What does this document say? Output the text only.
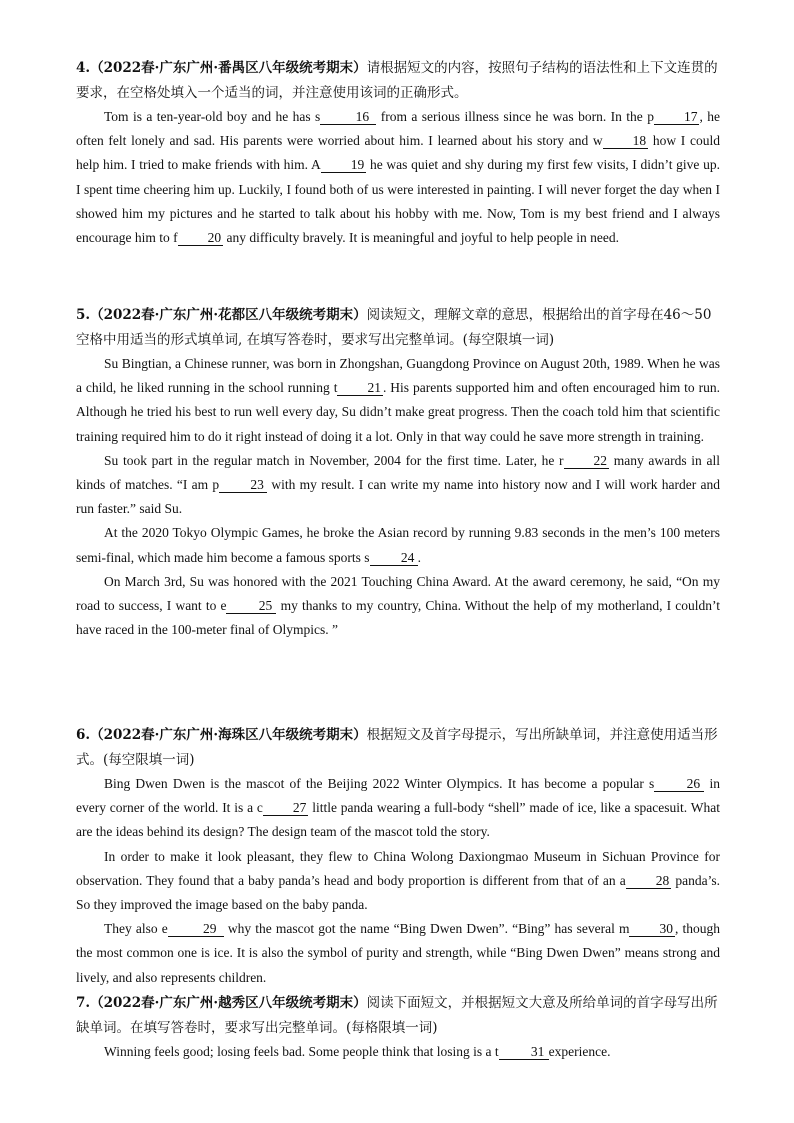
4.（2022春·广东广州·番禺区八年级统考期末）请根据短文的内容，按照句子结构的语法性和上下文连贯的要求，在空格处填入一个适当的词，并注意使用该词的正确形式。

Tom is a ten-year-old boy and he has s	16 from a serious illness since he was born. In the p 17 , he often felt lonely and sad. His parents were worried about him. I learned about his story and w 18 how I could help him. I tried to make friends with him. A 19 he was quiet and shy during my first few visits, I didn’t give up. I spent time cheering him up. Luckily, I found both of us were interested in painting. I will never forget the day when I showed him my pictures and he started to talk about his hobby with me. Now, Tom is my best friend and I always encourage him to f 20 any difficulty bravely. It is meaningful and joyful to help people in need.

5.（2022春·广东广州·花都区八年级统考期末）阅读短文，理解文章的意思，根据给出的首字母在46～50空格中用适当的形式填单词, 在填写答卷时，要求写出完整单词。(每空限填一词)

Su Bingtian, a Chinese runner, was born in Zhongshan, Guangdong Province on August 20th, 1989. When he was a child, he liked running in the school running t 21 . His parents supported him and often encouraged him to run. Although he tried his best to run well every day, Su didn’t make great progress. Then the coach told him that scientific training required him to do it right instead of doing it a lot. Only in that way could he save more strength in training.

Su took part in the regular match in November, 2004 for the first time. Later, he r 22 many awards in all kinds of matches. “I am p 23 with my result. I can write my name into history now and I will work harder and run faster.” said Su.

At the 2020 Tokyo Olympic Games, he broke the Asian record by running 9.83 seconds in the men’s 100 meters semi-final, which made him become a famous sports s 24 .

On March 3rd, Su was honored with the 2021 Touching China Award. At the award ceremony, he said, “On my road to success, I want to e 25 my thanks to my country, China. Without the help of my motherland, I couldn’t have raced in the 100-meter final of Olympics. ”

6.（2022春·广东广州·海珠区八年级统考期末）根据短文及首字母提示，写出所缺单词，并注意使用适当形式。(每空限填一词)

Bing Dwen Dwen is the mascot of the Beijing 2022 Winter Olympics. It has become a popular s 26 in every corner of the world. It is a c 27 little panda wearing a full-body “shell” made of ice, like a spacesuit. What are the ideas behind its design? The design team of the mascot told the story.

In order to make it look pleasant, they flew to China Wolong Daxiongmao Museum in Sichuan Province for observation. They found that a baby panda’s head and body proportion is different from that of an a 28 panda’s. So they improved the image based on the baby panda.

They also e	29 why the mascot got the name “Bing Dwen Dwen”. “Bing” has several m 30 , though the most common one is ice. It is also the symbol of purity and strength, while “Bing Dwen Dwen” means strong and lively, and also represents children.

7.（2022春·广东广州·越秀区八年级统考期末）阅读下面短文，并根据短文大意及所给单词的首字母写出所缺单词。在填写答卷时，要求写出完整单词。(每格限填一词)

Winning feels good; losing feels bad. Some people think that losing is a t 31 experience.
